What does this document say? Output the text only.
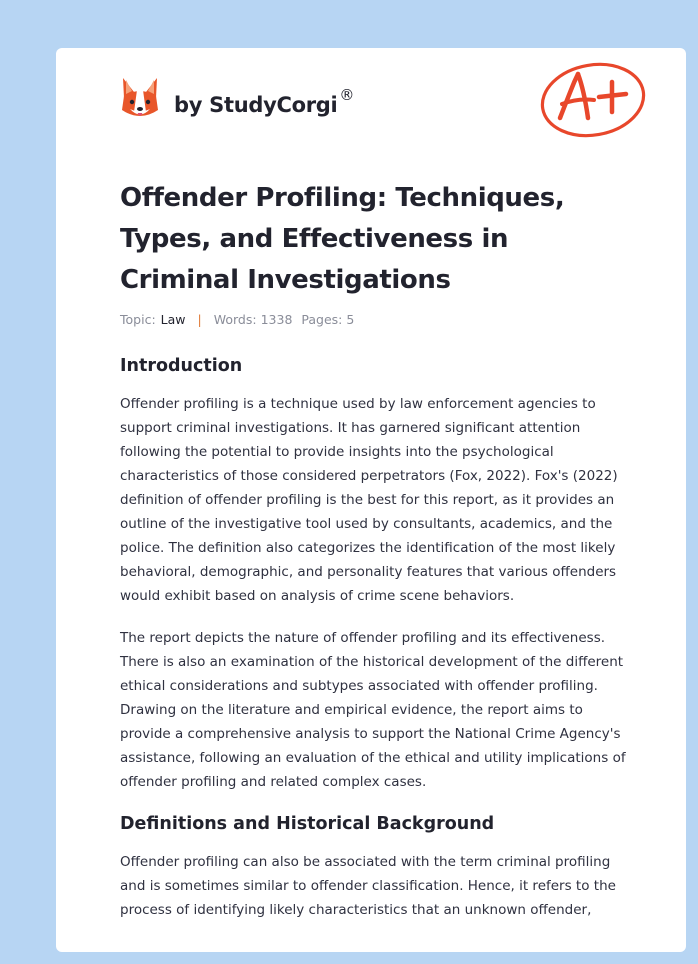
by StudyCorgi ®
Offender Profiling: Techniques, Types, and Effectiveness in Criminal Investigations
Topic: Law | Words: 1338 Pages: 5
Introduction

Offender profiling is a technique used by law enforcement agencies to support criminal investigations. It has garnered significant attention following the potential to provide insights into the psychological characteristics of those considered perpetrators (Fox, 2022). Fox's (2022) definition of offender profiling is the best for this report, as it provides an outline of the investigative tool used by consultants, academics, and the police. The definition also categorizes the identification of the most likely behavioral, demographic, and personality features that various offenders would exhibit based on analysis of crime scene behaviors.

The report depicts the nature of offender profiling and its effectiveness. There is also an examination of the historical development of the different ethical considerations and subtypes associated with offender profiling. Drawing on the literature and empirical evidence, the report aims to provide a comprehensive analysis to support the National Crime Agency's assistance, following an evaluation of the ethical and utility implications of offender profiling and related complex cases.

Definitions and Historical Background

Offender profiling can also be associated with the term criminal profiling and is sometimes similar to offender classification. Hence, it refers to the process of identifying likely characteristics that an unknown offender,
